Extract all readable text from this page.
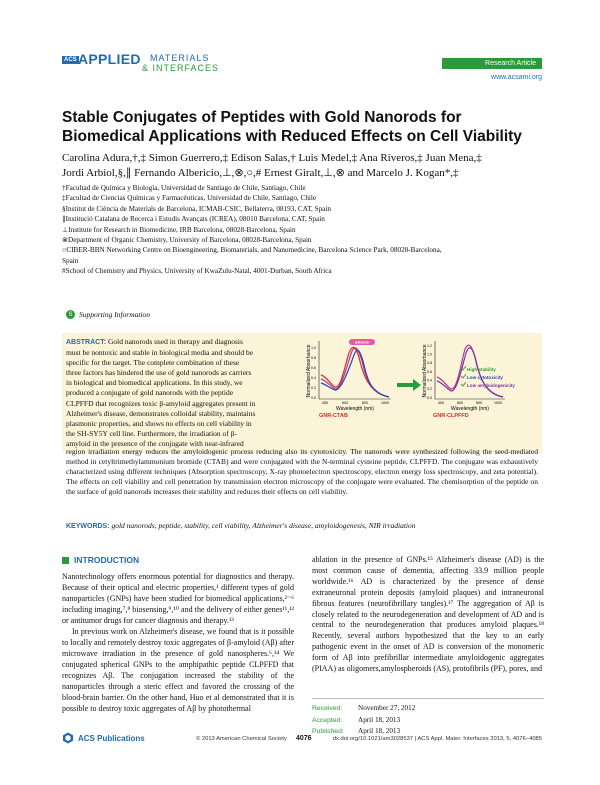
ACS APPLIED MATERIALS
& INTERFACES	Research Article
www.acsami.org
Stable Conjugates of Peptides with Gold Nanorods for Biomedical Applications with Reduced Effects on Cell Viability
Carolina Adura,†,‡ Simon Guerrero,‡ Edison Salas,† Luis Medel,‡ Ana Riveros,‡ Juan Mena,‡
Jordi Arbiol,§,∥ Fernando Albericio,⊥,⊗,○,# Ernest Giralt,⊥,⊗ and Marcelo J. Kogan*,‡
†Facultad de Química y Biología, Universidad de Santiago de Chile, Santiago, Chile
‡Facultad de Ciencias Químicas y Farmacéuticas, Universidad de Chile, Santiago, Chile
§Institut de Ciència de Materials de Barcelona, ICMAB-CSIC, Bellaterra, 08193, CAT, Spain
∥Institució Catalana de Recerca i Estudis Avançats (ICREA), 08010 Barcelona, CAT, Spain
⊥Institute for Research in Biomedicine, IRB Barcelona, 08028-Barcelona, Spain
⊗Department of Organic Chemistry, University of Barcelona, 08028-Barcelona, Spain
○CIBER-BBN Networking Centre on Bioengineering, Biomaterials, and Nanomedicine, Barcelona Science Park, 08028-Barcelona,
Spain
#School of Chemistry and Physics, University of KwaZulu-Natal, 4001-Durban, South Africa
S Supporting Information
ABSTRACT: Gold nanorods used in therapy and diagnosis
must be nontoxic and stable in biological media and should be
specific for the target. The complete combination of these
three factors has hindered the use of gold nanorods as carriers
in biological and biomedical applications. In this study, we
produced a conjugate of gold nanorods with the peptide
CLPFFD that recognizes toxic β-amyloid aggregates present in
Alzheimer's disease, demonstrates colloidal stability, maintains
plasmonic properties, and shows no effects on cell viability in
the SH-SY5Y cell line. Furthermore, the irradiation of β-
amyloid in the presence of the conjugate with near-infrared
region irradiation energy reduces the amyloidogenic process reducing also its cytotoxicity. The nanorods were synthesized following the seed-mediated method in cetyltrimethylammonium bromide (CTAB) and were conjugated with the N-terminal cysteine peptide, CLPFFD. The conjugate was exhaustively characterized using different techniques (Absorption spectroscopy, X-ray photoelectron spectroscopy, electron energy loss spectroscopy, and zeta potential). The effects on cell viability and cell penetration by transmission electron microscopy of the conjugate were evaluated. The chemisorption of the peptide on the surface of gold nanorods increases their stability and reduces their effects on cell viability.
Normalized Absorbance 1.0
0.8
0.6
0.4
0.2
0.0
400	600	800	1000
Wavelength (nm)
ΔRoute
GNR-CTAB
Normalized Absorbance 1.2
1.0
0.8
0.6
0.4
0.2
0.0
400	600	800	1000
Wavelength (nm)
High stability
Low cytotoxicity
Low amyloidogenicity
GNR-CLPFFD
KEYWORDS: gold nanorods, peptide, stability, cell viability, Alzheimer's disease, amyloidogenesis, NIR irradiation
INTRODUCTION

Nanotechnology offers enormous potential for diagnostics and therapy. Because of their optical and electric properties,¹ different types of gold nanoparticles (GNPs) have been studied for biomedical applications,²⁻⁶ including imaging,⁷,⁸ biosensing,⁹,¹⁰ and the delivery of either genes¹¹,¹² or antitumor drugs for cancer diagnosis and therapy.¹³

In previous work on Alzheimer's disease, we found that is it possible to locally and remotely destroy toxic aggregates of β-amyloid (Aβ) after microwave irradiation in the presence of gold nanospheres.⁶,¹⁴ We conjugated spherical GNPs to the amphipathic peptide CLPFFD that recognizes Aβ. The conjugation increased the stability of the nanoparticles through a steric effect and favored the crossing of the blood-brain barrier. On the other hand, Huo et al demonstrated that it is possible to destroy toxic aggregates of Aβ by photothermal

ablation in the presence of GNPs.¹⁵ Alzheimer's disease (AD) is the most common cause of dementia, affecting 33.9 million people worldwide.¹⁶ AD is characterized by the presence of dense extraneuronal protein deposits (amyloid plaques) and intraneuronal fibrous features (neurofibrillary tangles).¹⁷ The aggregation of Aβ is closely related to the neurodegeneration and development of AD and is central to the neurodegeneration that produces amyloid plaques.¹⁸ Recently, several authors hypothesized that the key to an early pathogenic event in the onset of AD is conversion of the monomeric form of Aβ into prefibrillar intermediate amyloidogenic aggregates (PIAA) as oligomers,amylospheroids (AS), protofibrils (PF), pores, and

Received: November 27, 2012
Accepted: April 18, 2013
Published: April 18, 2013
ACS Publications	© 2013 American Chemical Society 4076	dx.doi.org/10.1021/am3028537 | ACS Appl. Mater. Interfaces 2013, 5, 4076−4085
